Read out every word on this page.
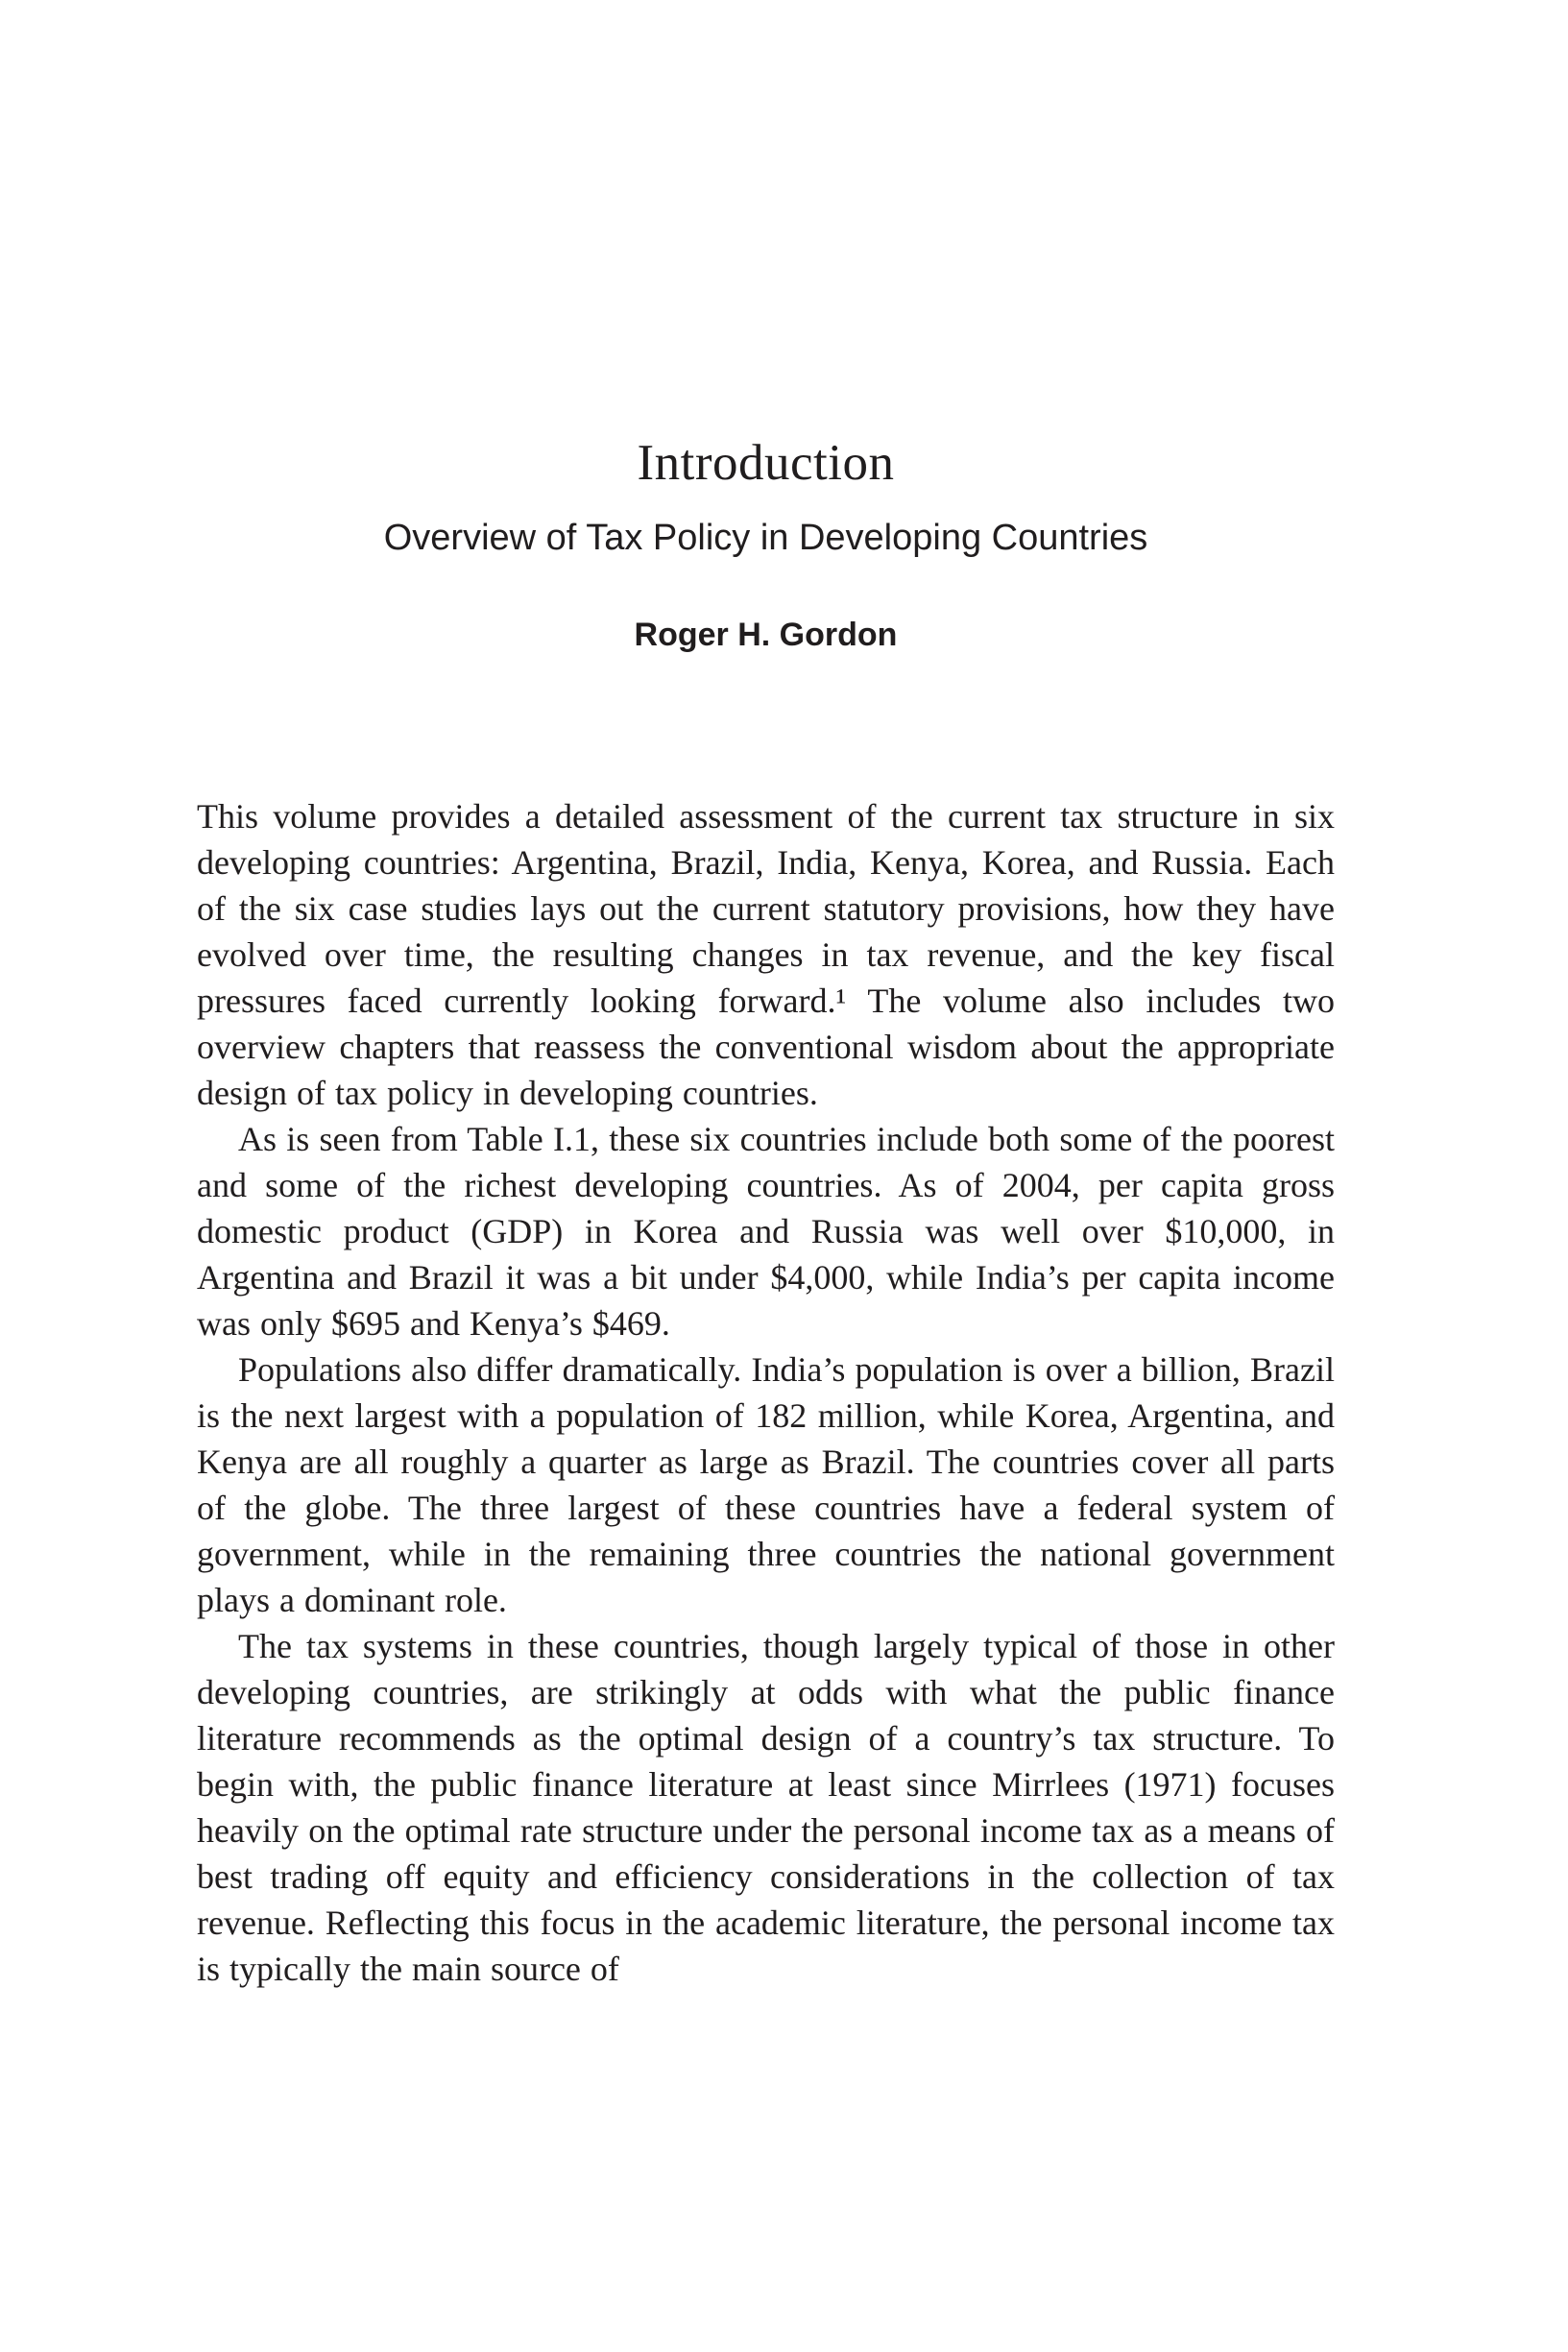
Introduction
Overview of Tax Policy in Developing Countries
Roger H. Gordon

This volume provides a detailed assessment of the current tax structure in six developing countries: Argentina, Brazil, India, Kenya, Korea, and Russia. Each of the six case studies lays out the current statutory provisions, how they have evolved over time, the resulting changes in tax revenue, and the key fiscal pressures faced currently looking forward.¹ The volume also includes two overview chapters that reassess the conventional wisdom about the appropriate design of tax policy in developing countries.

As is seen from Table I.1, these six countries include both some of the poorest and some of the richest developing countries. As of 2004, per capita gross domestic product (GDP) in Korea and Russia was well over $10,000, in Argentina and Brazil it was a bit under $4,000, while India’s per capita income was only $695 and Kenya’s $469.

Populations also differ dramatically. India’s population is over a billion, Brazil is the next largest with a population of 182 million, while Korea, Argentina, and Kenya are all roughly a quarter as large as Brazil. The countries cover all parts of the globe. The three largest of these countries have a federal system of government, while in the remaining three countries the national government plays a dominant role.

The tax systems in these countries, though largely typical of those in other developing countries, are strikingly at odds with what the public finance literature recommends as the optimal design of a country’s tax structure. To begin with, the public finance literature at least since Mirrlees (1971) focuses heavily on the optimal rate structure under the personal income tax as a means of best trading off equity and efficiency considerations in the collection of tax revenue. Reflecting this focus in the academic literature, the personal income tax is typically the main source of
